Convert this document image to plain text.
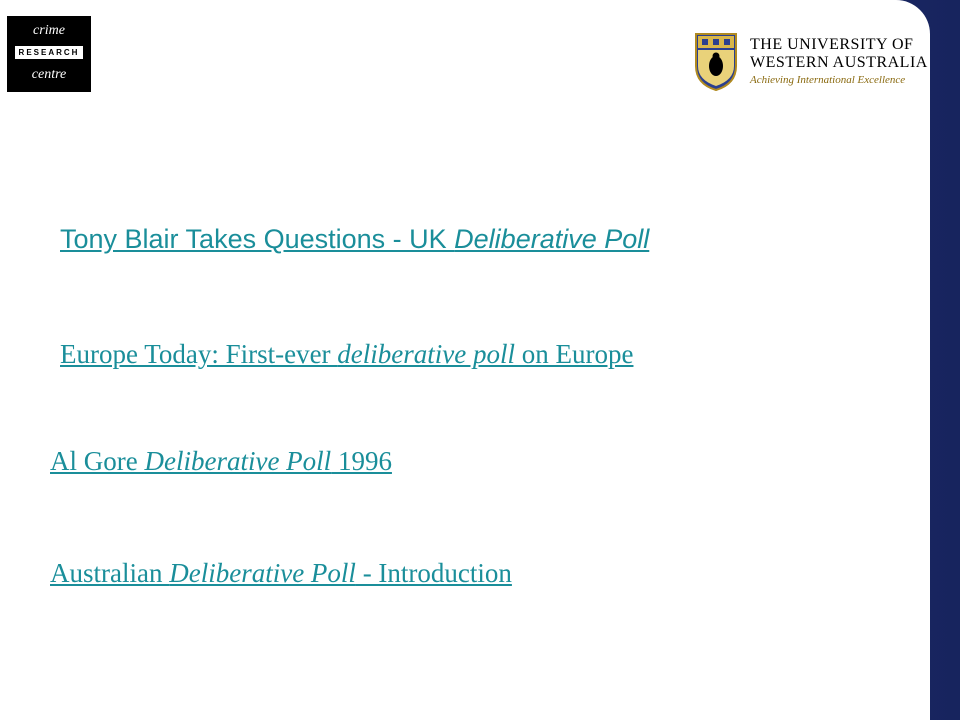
crime
RESEARCH
centre
THE UNIVERSITY OF
WESTERN AUSTRALIA
Achieving International Excellence
Tony Blair Takes Questions - UK Deliberative Poll
Europe Today: First-ever deliberative poll on Europe
Al Gore Deliberative Poll 1996
Australian Deliberative Poll - Introduction
